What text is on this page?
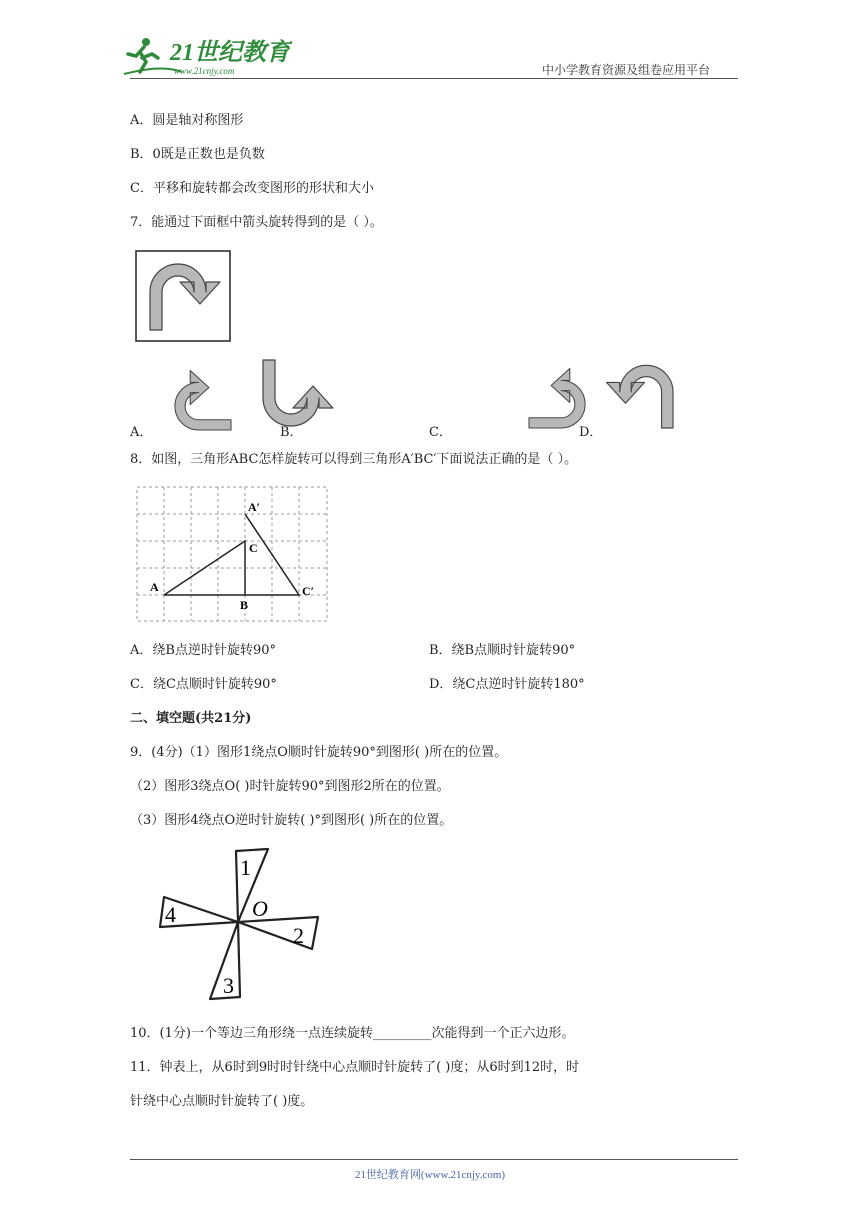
21世纪教育
www.21cnjy.com	中小学教育资源及组卷应用平台
A．圆是轴对称图形
B．0既是正数也是负数
C．平移和旋转都会改变图形的形状和大小
7．能通过下面框中箭头旋转得到的是（ ）。
A．	B．	C．	D．
8．如图，三角形ABC怎样旋转可以得到三角形A′BC′下面说法正确的是（ ）。
A′
C
A
B
C′
A．绕B点逆时针旋转90°	B．绕B点顺时针旋转90°
C．绕C点顺时针旋转90°	D．绕C点逆时针旋转180°
二、填空题(共21分)
9．(4分)（1）图形1绕点O顺时针旋转90°到图形( )所在的位置。
（2）图形3绕点O( )时针旋转90°到图形2所在的位置。
（3）图形4绕点O逆时针旋转( )°到图形( )所在的位置。
1
2
3
4	O
10．(1分)一个等边三角形绕一点连续旋转_________次能得到一个正六边形。
11．钟表上，从6时到9时时针绕中心点顺时针旋转了( )度；从6时到12时，时
针绕中心点顺时针旋转了( )度。
21世纪教育网(www.21cnjy.com)
